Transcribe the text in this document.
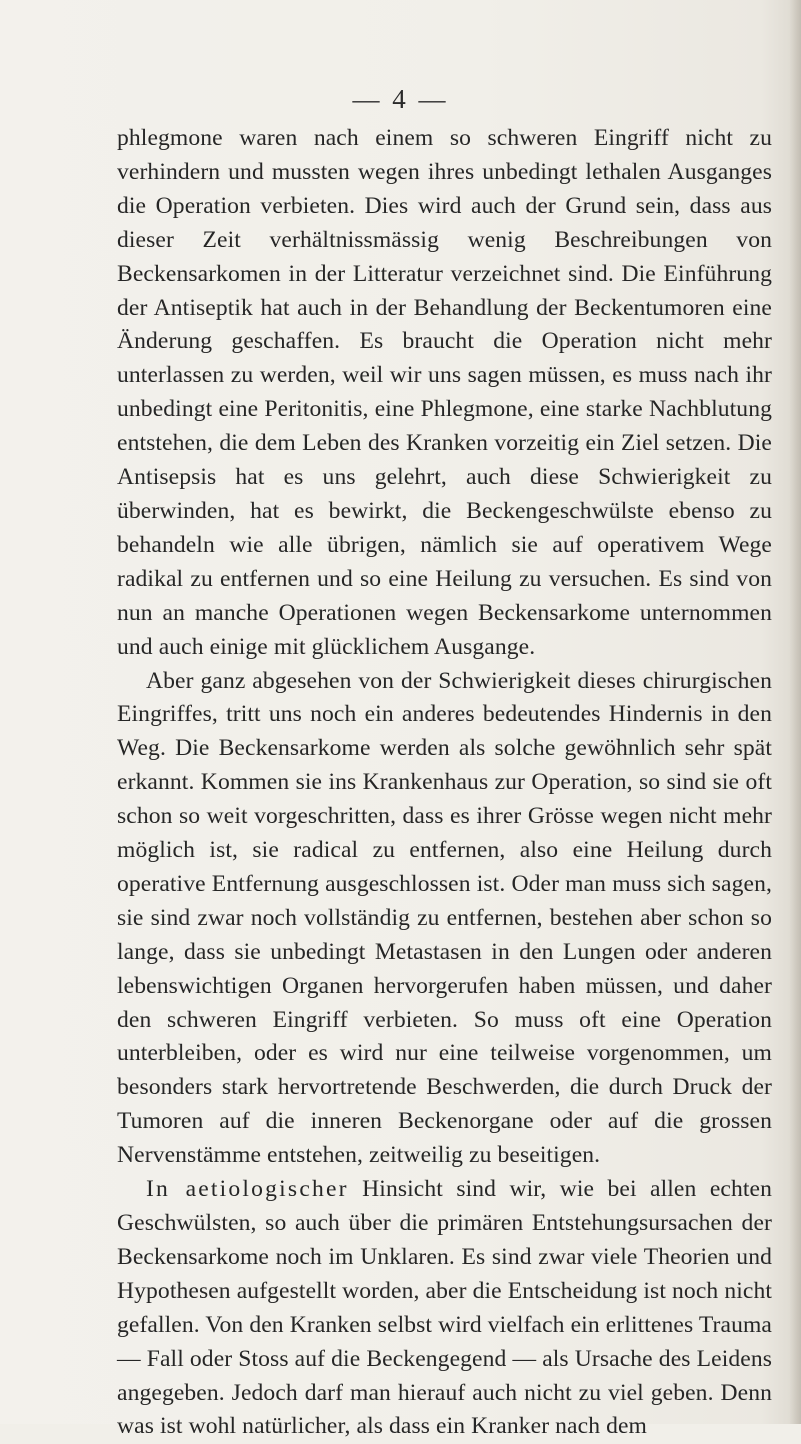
— 4 —

phlegmone waren nach einem so schweren Eingriff nicht zu verhindern und mussten wegen ihres unbedingt lethalen Ausganges die Operation verbieten. Dies wird auch der Grund sein, dass aus dieser Zeit verhältnissmässig wenig Beschreibungen von Beckensarkomen in der Litteratur verzeichnet sind. Die Einführung der Antiseptik hat auch in der Behandlung der Beckentumoren eine Änderung geschaffen. Es braucht die Operation nicht mehr unterlassen zu werden, weil wir uns sagen müssen, es muss nach ihr unbedingt eine Peritonitis, eine Phlegmone, eine starke Nachblutung entstehen, die dem Leben des Kranken vorzeitig ein Ziel setzen. Die Antisepsis hat es uns gelehrt, auch diese Schwierigkeit zu überwinden, hat es bewirkt, die Beckengeschwülste ebenso zu behandeln wie alle übrigen, nämlich sie auf operativem Wege radikal zu entfernen und so eine Heilung zu versuchen. Es sind von nun an manche Operationen wegen Beckensarkome unternommen und auch einige mit glücklichem Ausgange.

Aber ganz abgesehen von der Schwierigkeit dieses chirurgischen Eingriffes, tritt uns noch ein anderes bedeutendes Hindernis in den Weg. Die Beckensarkome werden als solche gewöhnlich sehr spät erkannt. Kommen sie ins Krankenhaus zur Operation, so sind sie oft schon so weit vorgeschritten, dass es ihrer Grösse wegen nicht mehr möglich ist, sie radical zu entfernen, also eine Heilung durch operative Entfernung ausgeschlossen ist. Oder man muss sich sagen, sie sind zwar noch vollständig zu entfernen, bestehen aber schon so lange, dass sie unbedingt Metastasen in den Lungen oder anderen lebenswichtigen Organen hervorgerufen haben müssen, und daher den schweren Eingriff verbieten. So muss oft eine Operation unterbleiben, oder es wird nur eine teilweise vorgenommen, um besonders stark hervortretende Beschwerden, die durch Druck der Tumoren auf die inneren Beckenorgane oder auf die grossen Nervenstämme entstehen, zeitweilig zu beseitigen.

In aetiologischer Hinsicht sind wir, wie bei allen echten Geschwülsten, so auch über die primären Entstehungsursachen der Beckensarkome noch im Unklaren. Es sind zwar viele Theorien und Hypothesen aufgestellt worden, aber die Entscheidung ist noch nicht gefallen. Von den Kranken selbst wird vielfach ein erlittenes Trauma — Fall oder Stoss auf die Beckengegend — als Ursache des Leidens angegeben. Jedoch darf man hierauf auch nicht zu viel geben. Denn was ist wohl natürlicher, als dass ein Kranker nach dem
